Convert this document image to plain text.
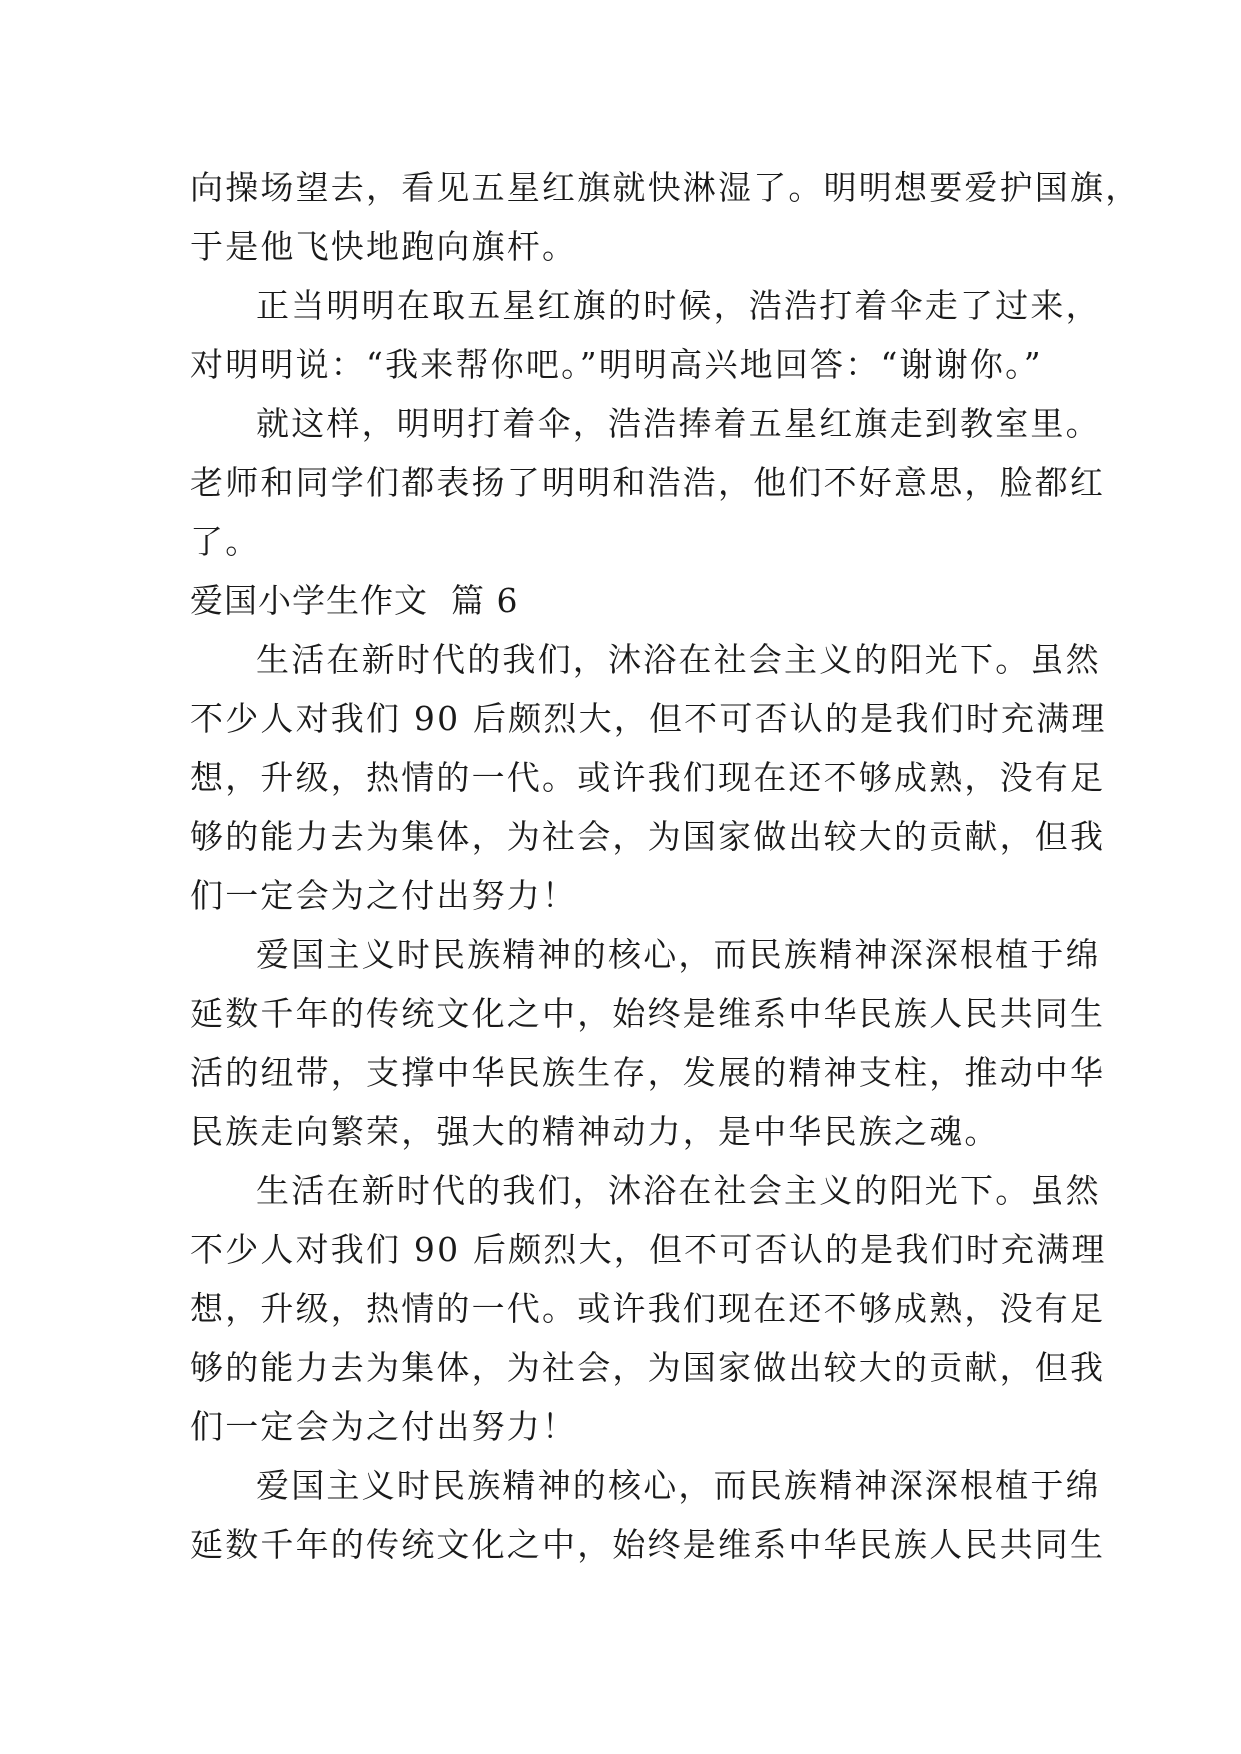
向操场望去，看见五星红旗就快淋湿了。明明想要爱护国旗，
于是他飞快地跑向旗杆。
正当明明在取五星红旗的时候，浩浩打着伞走了过来，
对明明说：“我来帮你吧。”明明高兴地回答：“谢谢你。”
就这样，明明打着伞，浩浩捧着五星红旗走到教室里。
老师和同学们都表扬了明明和浩浩，他们不好意思，脸都红
了。
爱国小学生作文  篇 6
生活在新时代的我们，沐浴在社会主义的阳光下。虽然
不少人对我们 90 后颇烈大，但不可否认的是我们时充满理
想，升级，热情的一代。或许我们现在还不够成熟，没有足
够的能力去为集体，为社会，为国家做出较大的贡献，但我
们一定会为之付出努力！
爱国主义时民族精神的核心，而民族精神深深根植于绵
延数千年的传统文化之中，始终是维系中华民族人民共同生
活的纽带，支撑中华民族生存，发展的精神支柱，推动中华
民族走向繁荣，强大的精神动力，是中华民族之魂。
生活在新时代的我们，沐浴在社会主义的阳光下。虽然
不少人对我们 90 后颇烈大，但不可否认的是我们时充满理
想，升级，热情的一代。或许我们现在还不够成熟，没有足
够的能力去为集体，为社会，为国家做出较大的贡献，但我
们一定会为之付出努力！
爱国主义时民族精神的核心，而民族精神深深根植于绵
延数千年的传统文化之中，始终是维系中华民族人民共同生
